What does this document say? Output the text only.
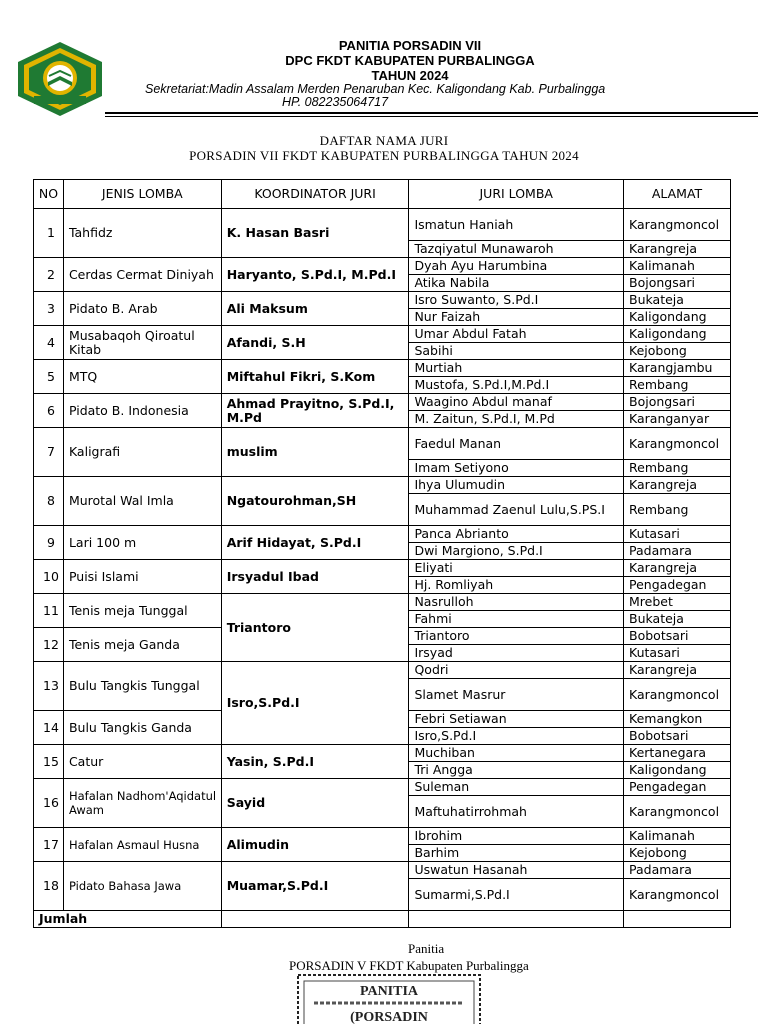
PANITIA PORSADIN VII
DPC FKDT KABUPATEN PURBALINGGA
TAHUN 2024
Sekretariat:Madin Assalam Merden Penaruban Kec. Kaligondang Kab. Purbalingga
HP. 082235064717
DAFTAR NAMA JURI
PORSADIN VII FKDT KABUPATEN PURBALINGGA TAHUN 2024
NO	JENIS LOMBA	KOORDINATOR JURI	JURI LOMBA	ALAMAT
1	Tahfidz	K. Hasan Basri	Ismatun Haniah	Karangmoncol
			Tazqiyatul Munawaroh	Karangreja
2	Cerdas Cermat Diniyah	Haryanto, S.Pd.I, M.Pd.I	Dyah Ayu Harumbina	Kalimanah
			Atika Nabila	Bojongsari
3	Pidato B. Arab	Ali Maksum	Isro Suwanto, S.Pd.I	Bukateja
			Nur Faizah	Kaligondang
4	Musabaqoh Qiroatul Kitab	Afandi, S.H	Umar Abdul Fatah	Kaligondang
			Sabihi	Kejobong
5	MTQ	Miftahul Fikri, S.Kom	Murtiah	Karangjambu
			Mustofa, S.Pd.I,M.Pd.I	Rembang
6	Pidato B. Indonesia	Ahmad Prayitno, S.Pd.I, M.Pd	Waagino Abdul manaf	Bojongsari
			M. Zaitun, S.Pd.I, M.Pd	Karanganyar
7	Kaligrafi	muslim	Faedul Manan	Karangmoncol
			Imam Setiyono	Rembang
8	Murotal Wal Imla	Ngatourohman,SH	Ihya Ulumudin	Karangreja
			Muhammad Zaenul Lulu,S.PS.I	Rembang
9	Lari 100 m	Arif Hidayat, S.Pd.I	Panca Abrianto	Kutasari
			Dwi Margiono, S.Pd.I	Padamara
10	Puisi Islami	Irsyadul Ibad	Eliyati	Karangreja
			Hj. Romliyah	Pengadegan
11	Tenis meja Tunggal	Triantoro	Nasrulloh	Mrebet
			Fahmi	Bukateja
12	Tenis meja Ganda		Triantoro	Bobotsari
			Irsyad	Kutasari
13	Bulu Tangkis Tunggal	Isro,S.Pd.I	Qodri	Karangreja
			Slamet Masrur	Karangmoncol
14	Bulu Tangkis Ganda		Febri Setiawan	Kemangkon
			Isro,S.Pd.I	Bobotsari
15	Catur	Yasin, S.Pd.I	Muchiban	Kertanegara
			Tri Angga	Kaligondang
16	Hafalan Nadhom'Aqidatul Awam	Sayid	Suleman	Pengadegan
			Maftuhatirrohmah	Karangmoncol
17	Hafalan Asmaul Husna	Alimudin	Ibrohim	Kalimanah
			Barhim	Kejobong
18	Pidato Bahasa Jawa	Muamar,S.Pd.I	Uswatun Hasanah	Padamara
			Sumarmi,S.Pd.I	Karangmoncol
Jumlah				
Panitia
PORSADIN V FKDT Kabupaten Purbalingga
PANITIA
(PORSADIN
